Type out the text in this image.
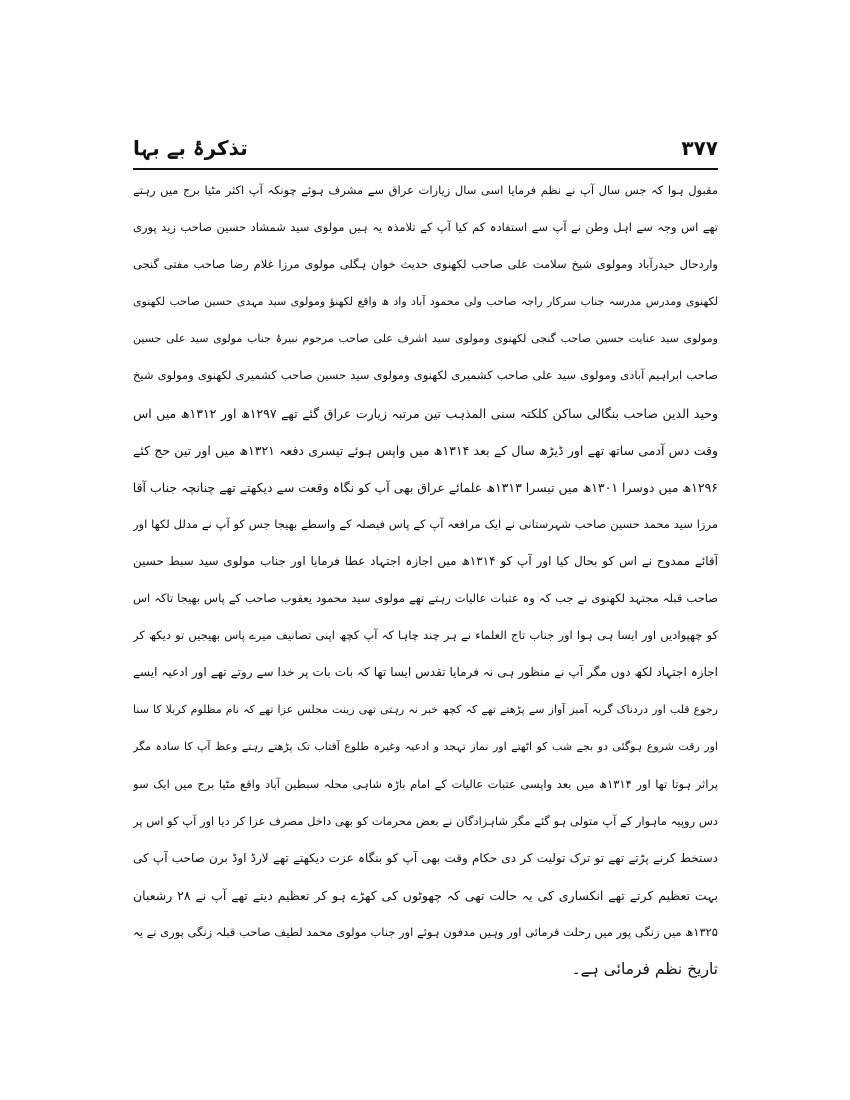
۳۷۷
تذکرۂ بے بہا
مقبول ہوا کہ جس سال آپ نے نظم فرمایا اسی سال زیارات عراق سے مشرف ہوئے چونکہ آپ اکثر مٹیا برج میں رہتے
تھے اس وجہ سے اہل وطن نے آپ سے استفادہ کم کیا آپ کے تلامذہ یہ ہیں مولوی سید شمشاد حسین صاحب زید پوری
واردحال حیدرآباد ومولوی شیخ سلامت علی صاحب لکھنوی حدیث خوان ہگلی مولوی مرزا غلام رضا صاحب مفتی گنجی
لکھنوی ومدرس مدرسہ جناب سرکار راجہ صاحب ولی محمود آباد واد ھ واقع لکھنؤ ومولوی سید مہدی حسین صاحب لکھنوی
ومولوی سید عنایت حسین صاحب گنجی لکھنوی ومولوی سید اشرف علی صاحب مرحوم نبیرۂ جناب مولوی سید علی حسین
صاحب ابراہیم آبادی ومولوی سید علی صاحب کشمیری لکھنوی ومولوی سید حسین صاحب کشمیری لکھنوی ومولوی شیخ
وحید الدین صاحب بنگالی ساکن کلکتہ سنی المذہب تین مرتبہ زیارت عراق گئے تھے ۱۲۹۷ھ اور ۱۳۱۲ھ میں اس
وقت دس آدمی ساتھ تھے اور ڈیڑھ سال کے بعد ۱۳۱۴ھ میں واپس ہوئے تیسری دفعہ ۱۳۲۱ھ میں اور تین حج کئے
۱۲۹۶ھ میں دوسرا ۱۳۰۱ھ میں تیسرا ۱۳۱۳ھ علمائے عراق بھی آپ کو نگاہ وقعت سے دیکھتے تھے چنانچہ جناب آقا
مرزا سید محمد حسین صاحب شہرستانی نے ایک مرافعہ آپ کے پاس فیصلہ کے واسطے بھیجا جس کو آپ نے مدلل لکھا اور
آقائے ممدوح نے اس کو بحال کیا اور آپ کو ۱۳۱۴ھ میں اجازہ اجتہاد عطا فرمایا اور جناب مولوی سید سبط حسین
صاحب قبلہ مجتہد لکھنوی نے جب کہ وہ عتبات عالیات رہتے تھے مولوی سید محمود یعقوب صاحب کے پاس بھیجا تاکہ اس
کو چھپوادیں اور ایسا ہی ہوا اور جناب تاج العلماء نے ہر چند چاہا کہ آپ کچھ اپنی تصانیف میرے پاس بھیجیں تو دیکھ کر
اجازہ اجتہاد لکھ دوں مگر آپ نے منظور ہی نہ فرمایا تقدس ایسا تھا کہ بات بات پر خدا سے روتے تھے اور ادعیہ ایسے
رجوع قلب اور دردناک گریہ آمیز آواز سے پڑھتے تھے کہ کچھ خبر نہ رہتی تھی زینت مجلس عزا تھے کہ نام مظلوم کربلا کا سنا
اور رقت شروع ہوگئی دو بجے شب کو اٹھتے اور نماز تہجد و ادعیہ وغیرہ طلوع آفتاب تک پڑھتے رہتے وعظ آپ کا سادہ مگر
پراثر ہوتا تھا اور ۱۳۱۴ھ میں بعد واپسی عتبات عالیات کے امام باڑہ شاہی محلہ سبطین آباد واقع مٹیا برج میں ایک سو
دس روپیہ ماہوار کے آپ متولی ہو گئے مگر شاہزادگان نے بعض محرمات کو بھی داخل مصرف عزا کر دیا اور آپ کو اس پر
دستخط کرنے پڑتے تھے تو ترک تولیت کر دی حکام وقت بھی آپ کو بنگاہ عزت دیکھتے تھے لارڈ اوڈ برن صاحب آپ کی
بہت تعظیم کرتے تھے انکساری کی یہ حالت تھی کہ چھوٹوں کی کھڑے ہو کر تعظیم دیتے تھے آپ نے ۲۸ رشعبان
۱۳۲۵ھ میں زنگی پور میں رحلت فرمائی اور وہیں مدفون ہوئے اور جناب مولوی محمد لطیف صاحب قبلہ زنگی پوری نے یہ
تاریخ نظم فرمائی ہے۔
